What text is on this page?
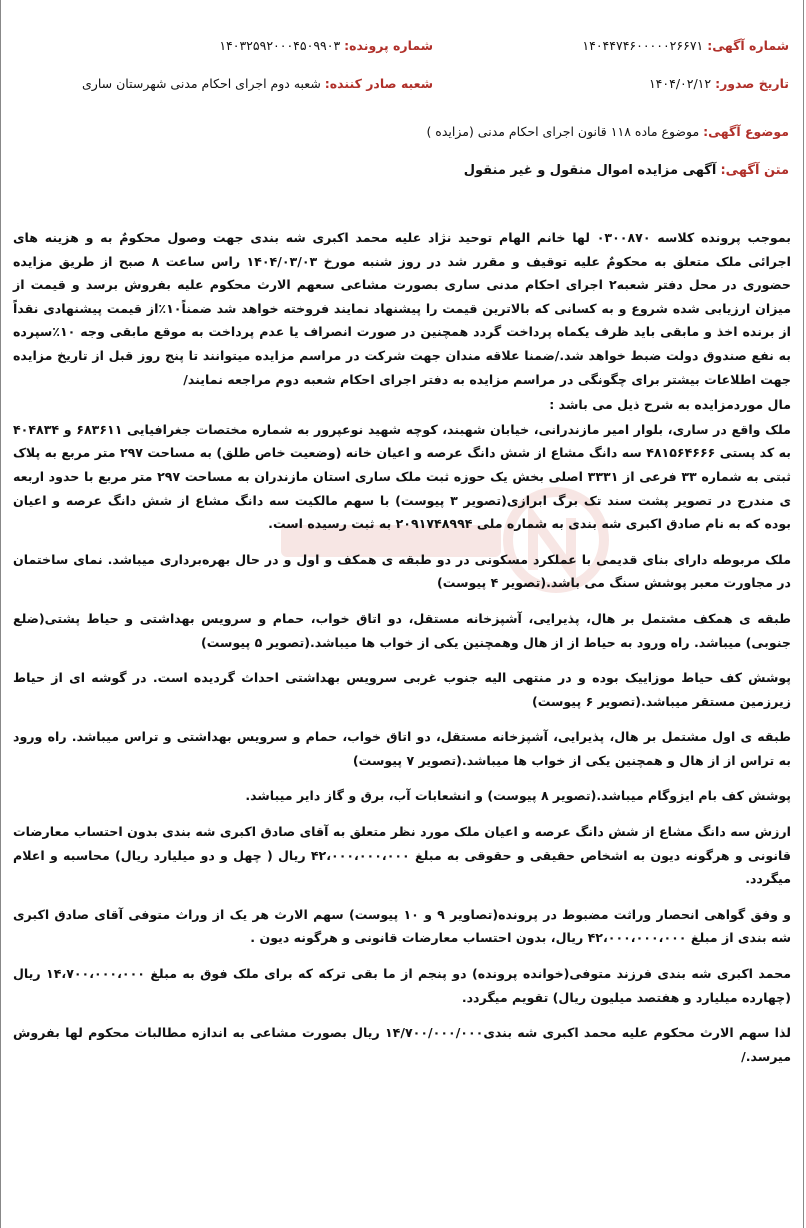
شماره آگهی: ۱۴۰۴۴۷۴۶۰۰۰۰۰۲۶۶۷۱
شماره پرونده: ۱۴۰۳۲۵۹۲۰۰۰۴۵۰۹۹۰۳
تاریخ صدور: ۱۴۰۴/۰۲/۱۲
شعبه صادر کننده: شعبه دوم اجرای احکام مدنی شهرستان ساری
موضوع آگهی: موضوع ماده ۱۱۸ قانون اجرای احکام مدنی (مزایده )
متن آگهی: آگهی مزایده اموال منقول و غیر منقول

بموجب پرونده کلاسه ۰۳۰۰۸۷۰ لها خانم الهام توحید نژاد علیه محمد اکبری شه بندی جهت وصول محکومٌ به و هزینه های اجرائی ملک متعلق به محکومٌ علیه توقیف و مقرر شد در روز شنبه مورخ ۱۴۰۴/۰۳/۰۳ راس ساعت ۸ صبح از طریق مزایده حضوری در محل دفتر شعبه۲ اجرای احکام مدنی ساری بصورت مشاعی سعهم الارث محکوم علیه بفروش برسد و قیمت از میزان ارزیابی شده شروع و به کسانی که بالاترین قیمت را پیشنهاد نمایند فروخته خواهد شد ضمناً۱۰٪از قیمت پیشنهادی نقداً از برنده اخذ و مابقی باید ظرف یکماه پرداخت گردد همچنین در صورت انصراف یا عدم پرداخت به موقع مابقی وجه ۱۰٪سپرده به نفع صندوق دولت ضبط خواهد شد./ضمنا علاقه مندان جهت شرکت در مراسم مزایده میتوانند تا پنج روز قبل از تاریخ مزایده جهت اطلاعات بیشتر برای چگونگی در مراسم مزایده به دفتر اجرای احکام شعبه دوم مراجعه نمایند/

مال موردمزایده به شرح ذیل می باشد :

ملک واقع در ساری، بلوار امیر مازندرانی، خیابان شهبند، کوچه شهید نوعپرور به شماره مختصات جغرافیایی ۶۸۳۶۱۱ و ۴۰۴۸۳۴ به کد پستی ۴۸۱۵۶۴۶۶۶ سه دانگ مشاع از شش دانگ عرصه و اعیان خانه (وضعیت خاص طلق) به مساحت ۲۹۷ متر مربع به پلاک ثبتی به شماره ۳۳ فرعی از ۳۳۳۱ اصلی بخش یک حوزه ثبت ملک ساری استان مازندران به مساحت ۲۹۷ متر مربع با حدود اربعه ی مندرج در تصویر پشت سند تک برگ ابرازی(تصویر ۳ پیوست) با سهم مالکیت سه دانگ مشاع از شش دانگ عرصه و اعیان بوده که به نام صادق اکبری شه بندی به شماره ملی ۲۰۹۱۷۴۸۹۹۴ به ثبت رسیده است.

ملک مربوطه دارای بنای قدیمی با عملکرد مسکونی در دو طبقه ی همکف و اول و در حال بهره‌برداری میباشد. نمای ساختمان در مجاورت معبر پوشش سنگ می باشد.(تصویر ۴ پیوست)

طبقه ی همکف مشتمل بر هال، پذیرایی، آشپزخانه مستقل، دو اتاق خواب، حمام و سرویس بهداشتی و حیاط پشتی(ضلع جنوبی) میباشد. راه ورود به حیاط از از هال وهمچنین یکی از خواب ها میباشد.(تصویر ۵ پیوست)

پوشش کف حیاط موزاییک بوده و در منتهی الیه جنوب غربی سرویس بهداشتی احداث گردیده است. در گوشه ای از حیاط زیرزمین مستقر میباشد.(تصویر ۶ پیوست)

طبقه ی اول مشتمل بر هال، پذیرایی، آشپزخانه مستقل، دو اتاق خواب، حمام و سرویس بهداشتی و تراس میباشد. راه ورود به تراس از از هال و همچنین یکی از خواب ها میباشد.(تصویر ۷ پیوست)

پوشش کف بام ایزوگام میباشد.(تصویر ۸ پیوست) و انشعابات آب، برق و گاز دایر میباشد.

ارزش سه دانگ مشاع از شش دانگ عرصه و اعیان ملک مورد نظر متعلق به آقای صادق اکبری شه بندی بدون احتساب معارضات قانونی و هرگونه دیون به اشخاص حقیقی و حقوقی به مبلغ ۴۲،۰۰۰،۰۰۰،۰۰۰ ریال ( چهل و دو میلیارد ریال) محاسبه و اعلام میگردد.

و وفق گواهی انحصار وراثت مضبوط در پرونده(تصاویر ۹ و ۱۰ پیوست) سهم الارث هر یک از وراث متوفی آقای صادق اکبری شه بندی از مبلغ ۴۲،۰۰۰،۰۰۰،۰۰۰ ریال، بدون احتساب معارضات قانونی و هرگونه دیون .

محمد اکبری شه بندی فرزند متوفی(خوانده پرونده) دو پنجم از ما بقی ترکه که برای ملک فوق به مبلغ ۱۴،۷۰۰،۰۰۰،۰۰۰ ریال (چهارده میلیارد و هفتصد میلیون ریال) تقویم میگردد.

لذا سهم الارث محکوم علیه محمد اکبری شه بندی۱۴/۷۰۰/۰۰۰/۰۰۰ ریال بصورت مشاعی به اندازه مطالبات محکوم لها بفروش میرسد./
